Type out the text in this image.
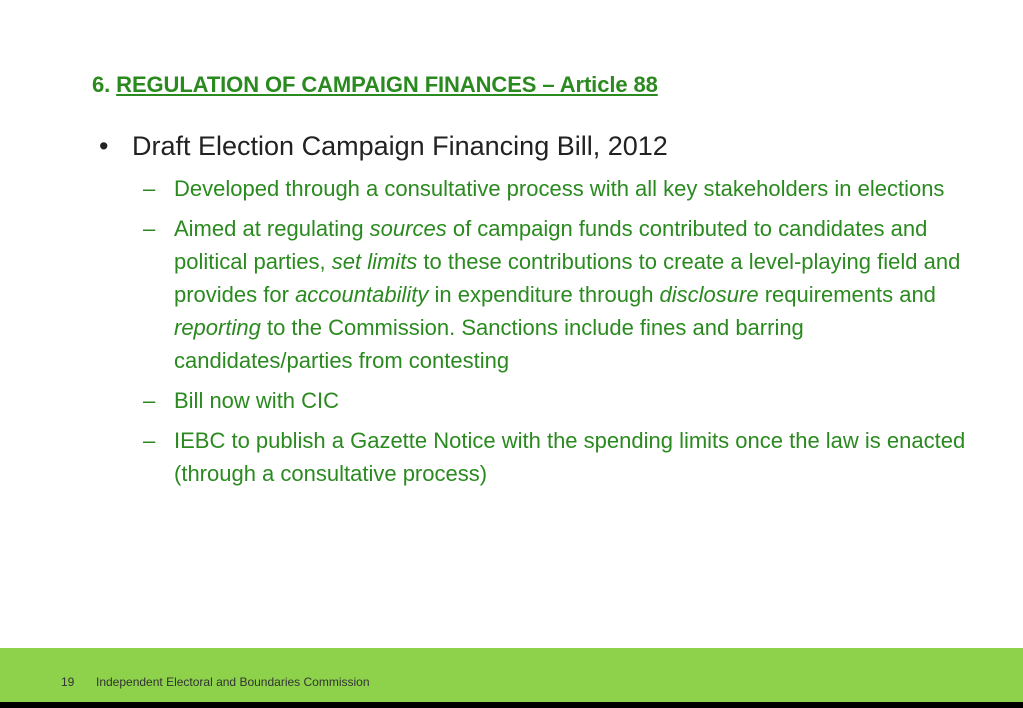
6. REGULATION OF CAMPAIGN FINANCES – Article 88
• Draft Election Campaign Financing Bill, 2012
– Developed through a consultative process with all key stakeholders in elections
– Aimed at regulating sources of campaign funds contributed to candidates and political parties, set limits to these contributions to create a level-playing field and provides for accountability in expenditure through disclosure requirements and reporting to the Commission. Sanctions include fines and barring candidates/parties from contesting
– Bill now with CIC
– IEBC to publish a Gazette Notice with the spending limits once the law is enacted (through a consultative process)
19 Independent Electoral and Boundaries Commission
